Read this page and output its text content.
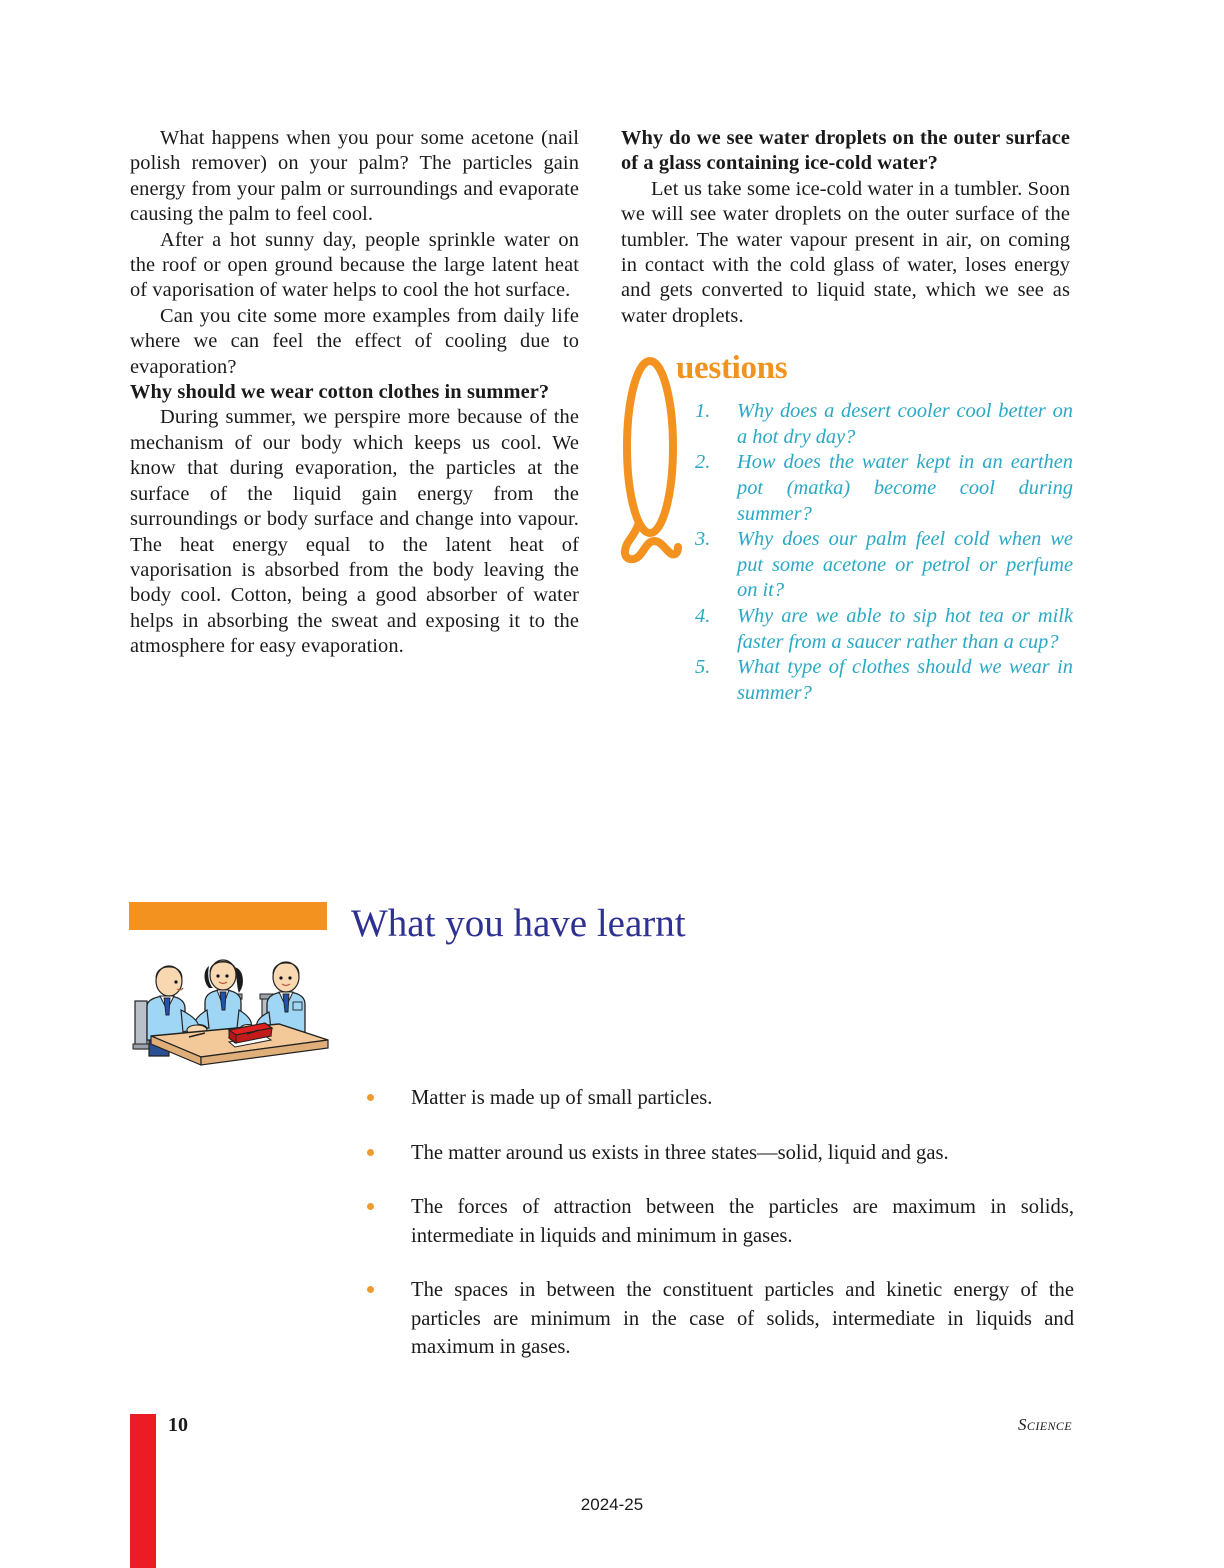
What happens when you pour some acetone (nail polish remover) on your palm? The particles gain energy from your palm or surroundings and evaporate causing the palm to feel cool.

After a hot sunny day, people sprinkle water on the roof or open ground because the large latent heat of vaporisation of water helps to cool the hot surface.

Can you cite some more examples from daily life where we can feel the effect of cooling due to evaporation?

Why should we wear cotton clothes in summer?

During summer, we perspire more because of the mechanism of our body which keeps us cool. We know that during evaporation, the particles at the surface of the liquid gain energy from the surroundings or body surface and change into vapour. The heat energy equal to the latent heat of vaporisation is absorbed from the body leaving the body cool. Cotton, being a good absorber of water helps in absorbing the sweat and exposing it to the atmosphere for easy evaporation.

Why do we see water droplets on the outer surface of a glass containing ice-cold water?

Let us take some ice-cold water in a tumbler. Soon we will see water droplets on the outer surface of the tumbler. The water vapour present in air, on coming in contact with the cold glass of water, loses energy and gets converted to liquid state, which we see as water droplets.

uestions
1. Why does a desert cooler cool better on a hot dry day?
2. How does the water kept in an earthen pot (matka) become cool during summer?
3. Why does our palm feel cold when we put some acetone or petrol or perfume on it?
4. Why are we able to sip hot tea or milk faster from a saucer rather than a cup?
5. What type of clothes should we wear in summer?
What you have learnt
Matter is made up of small particles.
The matter around us exists in three states—solid, liquid and gas.
The forces of attraction between the particles are maximum in solids, intermediate in liquids and minimum in gases.
The spaces in between the constituent particles and kinetic energy of the particles are minimum in the case of solids, intermediate in liquids and maximum in gases.
10	Science
2024-25
